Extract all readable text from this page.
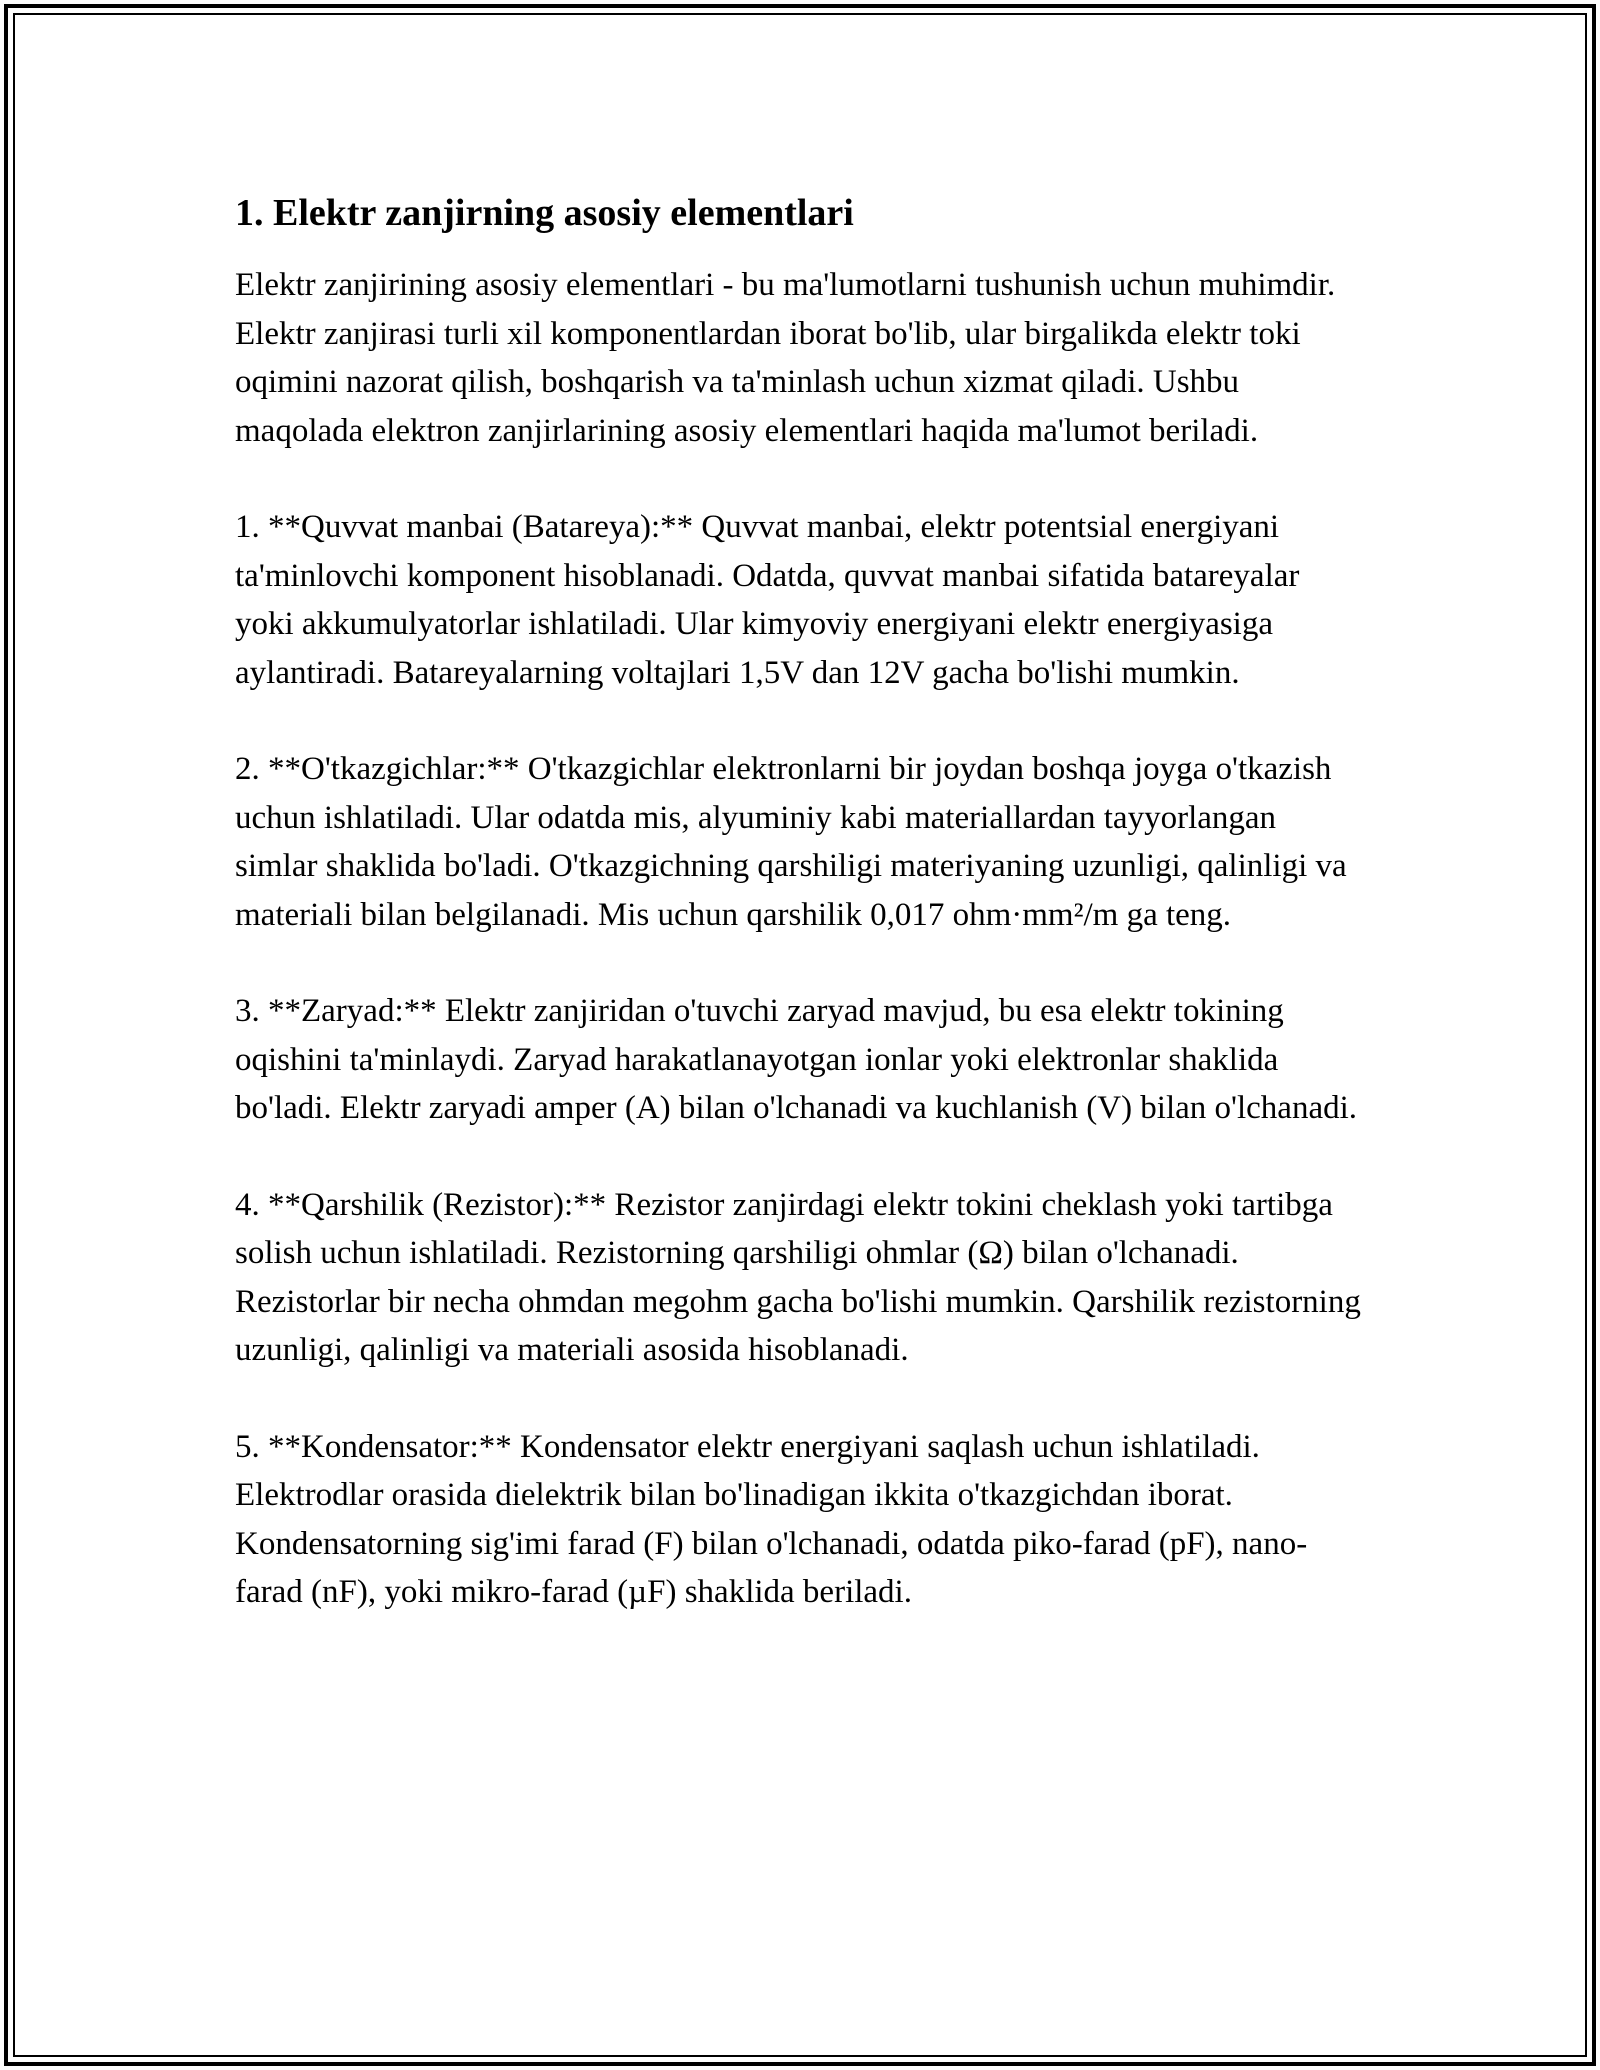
1. Elektr zanjirning asosiy elementlari

Elektr zanjirining asosiy elementlari - bu ma'lumotlarni tushunish uchun muhimdir. Elektr zanjirasi turli xil komponentlardan iborat bo'lib, ular birgalikda elektr toki oqimini nazorat qilish, boshqarish va ta'minlash uchun xizmat qiladi. Ushbu maqolada elektron zanjirlarining asosiy elementlari haqida ma'lumot beriladi.

1. **Quvvat manbai (Batareya):** Quvvat manbai, elektr potentsial energiyani ta'minlovchi komponent hisoblanadi. Odatda, quvvat manbai sifatida batareyalar yoki akkumulyatorlar ishlatiladi. Ular kimyoviy energiyani elektr energiyasiga aylantiradi. Batareyalarning voltajlari 1,5V dan 12V gacha bo'lishi mumkin.

2. **O'tkazgichlar:** O'tkazgichlar elektronlarni bir joydan boshqa joyga o'tkazish uchun ishlatiladi. Ular odatda mis, alyuminiy kabi materiallardan tayyorlangan simlar shaklida bo'ladi. O'tkazgichning qarshiligi materiyaning uzunligi, qalinligi va materiali bilan belgilanadi. Mis uchun qarshilik 0,017 ohm·mm²/m ga teng.

3. **Zaryad:** Elektr zanjiridan o'tuvchi zaryad mavjud, bu esa elektr tokining oqishini ta'minlaydi. Zaryad harakatlanayotgan ionlar yoki elektronlar shaklida bo'ladi. Elektr zaryadi amper (A) bilan o'lchanadi va kuchlanish (V) bilan o'lchanadi.

4. **Qarshilik (Rezistor):** Rezistor zanjirdagi elektr tokini cheklash yoki tartibga solish uchun ishlatiladi. Rezistorning qarshiligi ohmlar (Ω) bilan o'lchanadi. Rezistorlar bir necha ohmdan megohm gacha bo'lishi mumkin. Qarshilik rezistorning uzunligi, qalinligi va materiali asosida hisoblanadi.

5. **Kondensator:** Kondensator elektr energiyani saqlash uchun ishlatiladi. Elektrodlar orasida dielektrik bilan bo'linadigan ikkita o'tkazgichdan iborat. Kondensatorning sig'imi farad (F) bilan o'lchanadi, odatda piko-farad (pF), nano-farad (nF), yoki mikro-farad (µF) shaklida beriladi.
